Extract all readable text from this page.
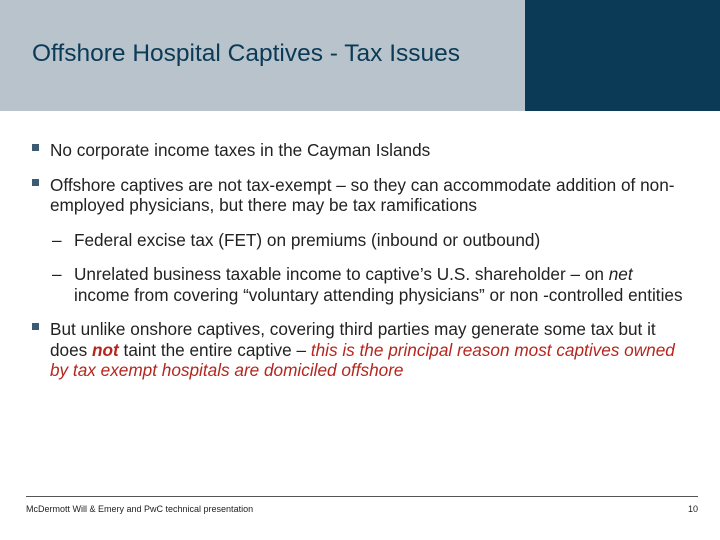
Offshore Hospital Captives - Tax Issues
No corporate income taxes in the Cayman Islands
Offshore captives are not tax-exempt – so they can accommodate addition of non-employed physicians, but there may be tax ramifications
– Federal excise tax (FET) on premiums (inbound or outbound)
– Unrelated business taxable income to captive’s U.S. shareholder – on net income from covering “voluntary attending physicians” or non -controlled entities
But unlike onshore captives, covering third parties may generate some tax but it does not taint the entire captive – this is the principal reason most captives owned by tax exempt hospitals are domiciled offshore
McDermott Will & Emery and PwC technical presentation	10
